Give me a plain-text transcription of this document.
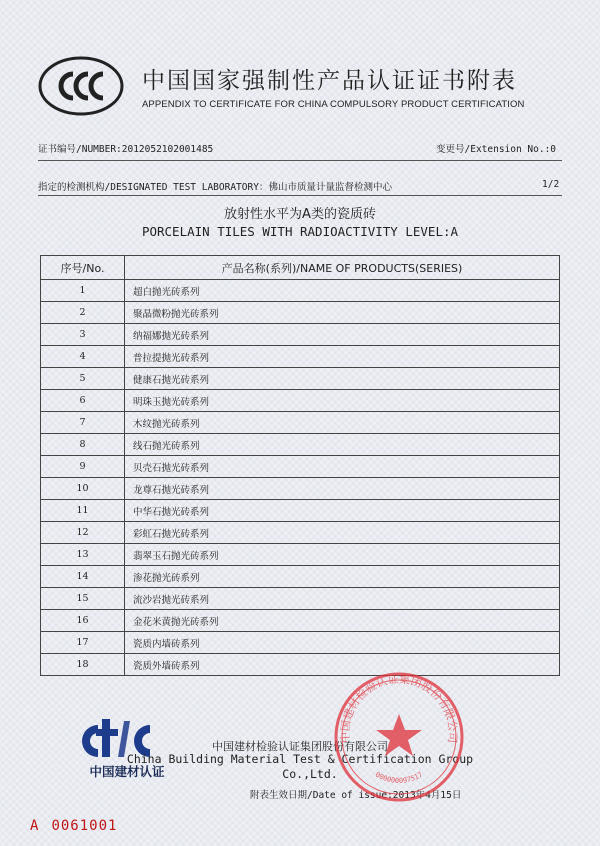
中国国家强制性产品认证证书附表
APPENDIX TO CERTIFICATE FOR CHINA COMPULSORY PRODUCT CERTIFICATION
证书编号/NUMBER:2012052102001485	变更号/Extension No.:0
指定的检测机构/DESIGNATED TEST LABORATORY：佛山市质量计量监督检测中心	1/2
放射性水平为A类的瓷质砖
PORCELAIN TILES WITH RADIOACTIVITY LEVEL:A
序号/No.	产品名称(系列)/NAME OF PRODUCTS(SERIES)
1	超白抛光砖系列
2	聚晶微粉抛光砖系列
3	纳福娜抛光砖系列
4	普拉提抛光砖系列
5	健康石抛光砖系列
6	明珠玉抛光砖系列
7	木纹抛光砖系列
8	线石抛光砖系列
9	贝壳石抛光砖系列
10	龙尊石抛光砖系列
11	中华石抛光砖系列
12	彩虹石抛光砖系列
13	翡翠玉石抛光砖系列
14	渗花抛光砖系列
15	流沙岩抛光砖系列
16	金花米黄抛光砖系列
17	瓷质内墙砖系列
18	瓷质外墙砖系列
中国建材认证
中国建材检验认证集团股份有限公司
China Building Material Test & Certification Group
Co.,Ltd.
附表生效日期/Date of issue:2013年4月15日
中国建材检验认证集团股份有限公司
000000097517
A 0061001
